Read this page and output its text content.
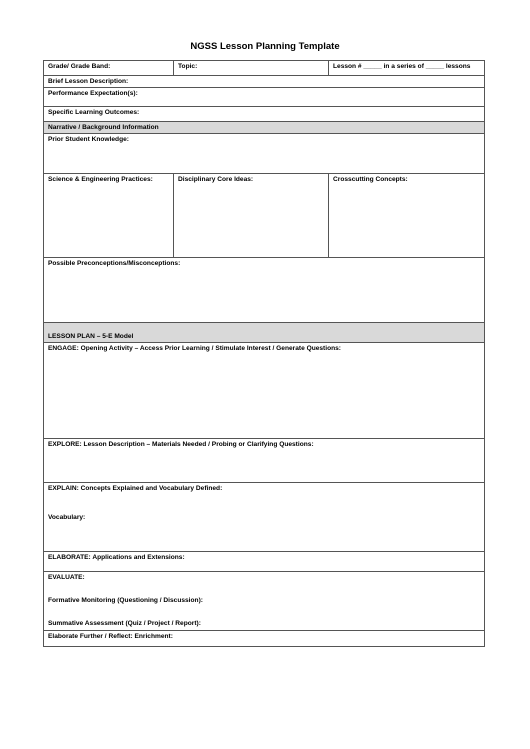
NGSS Lesson Planning Template
Grade/ Grade Band:	Topic:	Lesson # _____ in a series of _____ lessons
Brief Lesson Description:		
Performance Expectation(s):		
Specific Learning Outcomes:		
Narrative / Background Information		
Prior Student Knowledge:		
Science & Engineering Practices:	Disciplinary Core Ideas:	Crosscutting Concepts:
Possible Preconceptions/Misconceptions:		
LESSON PLAN – 5-E Model		
ENGAGE: Opening Activity – Access Prior Learning / Stimulate Interest / Generate Questions:		
EXPLORE: Lesson Description – Materials Needed / Probing or Clarifying Questions:		

EXPLAIN: Concepts Explained and Vocabulary Defined:
Vocabulary:		

ELABORATE: Applications and Extensions:		

EVALUATE:
Formative Monitoring (Questioning / Discussion):
Summative Assessment (Quiz / Project / Report):		

Elaborate Further / Reflect: Enrichment:		
